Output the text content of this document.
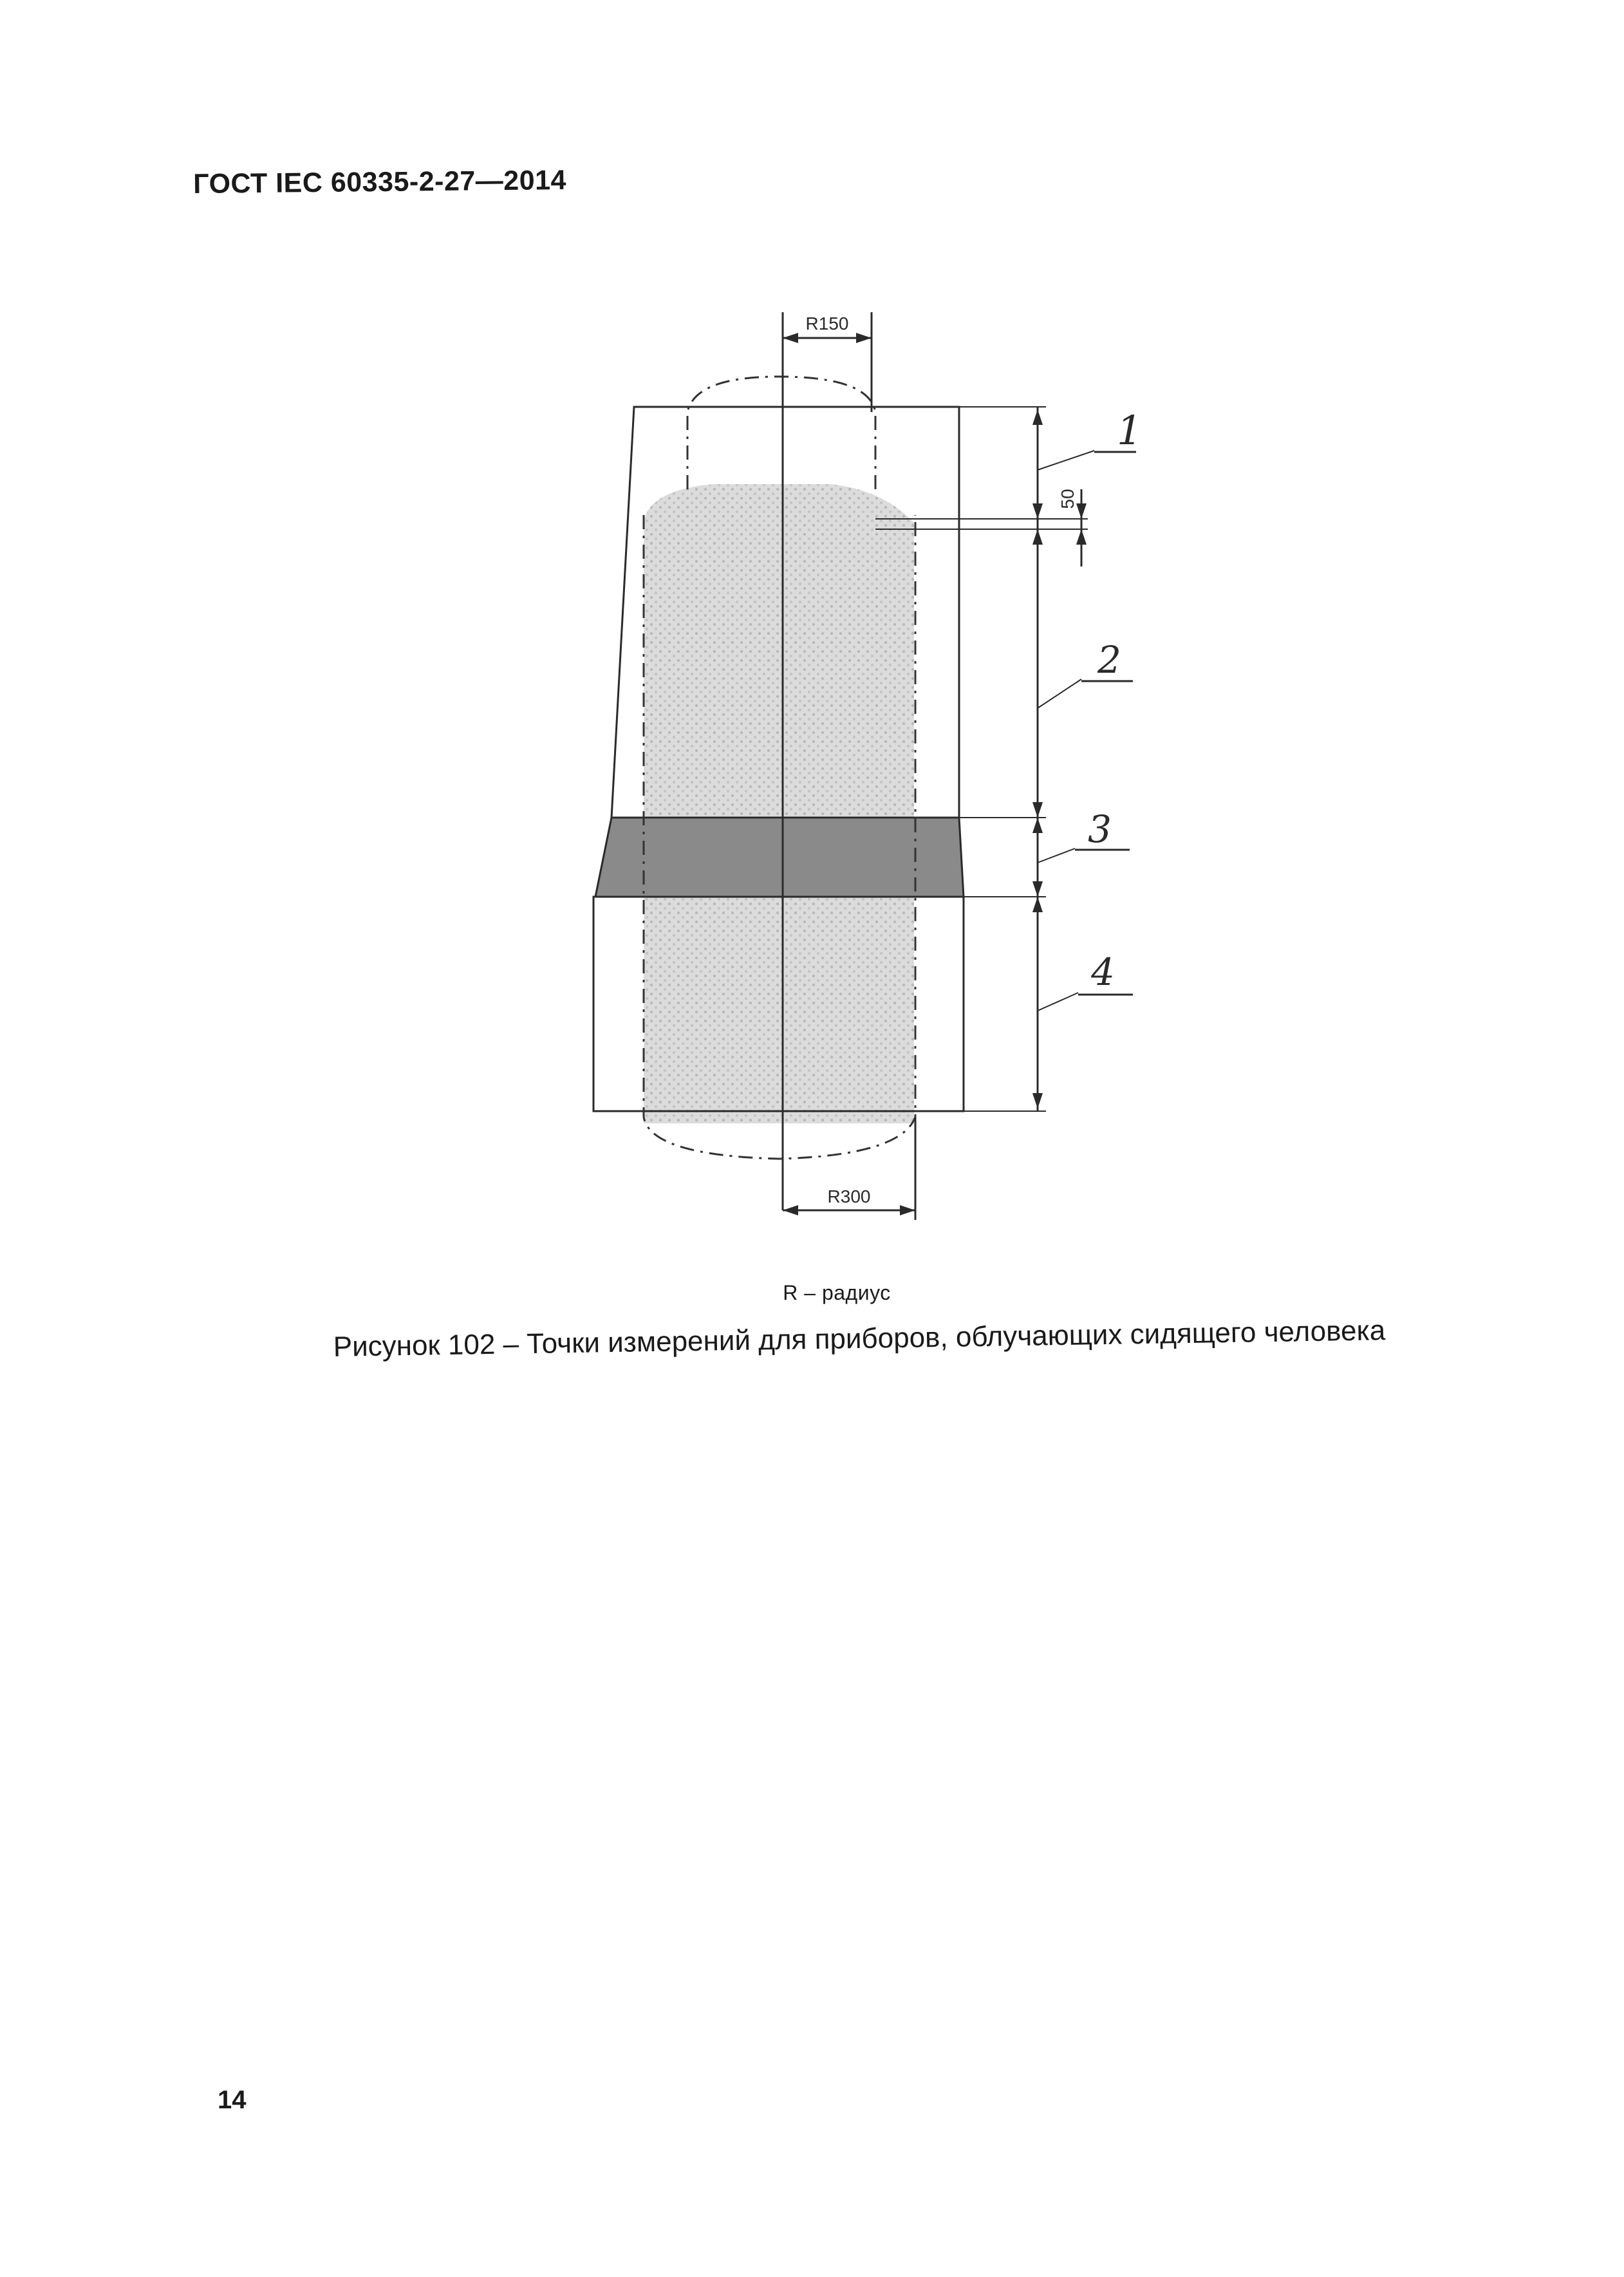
ГОСТ IEC 60335-2-27—2014
R150
R300
50
1
2
3
4
R – радиус
Рисунок 102 – Точки измерений для приборов, облучающих сидящего человека
14
